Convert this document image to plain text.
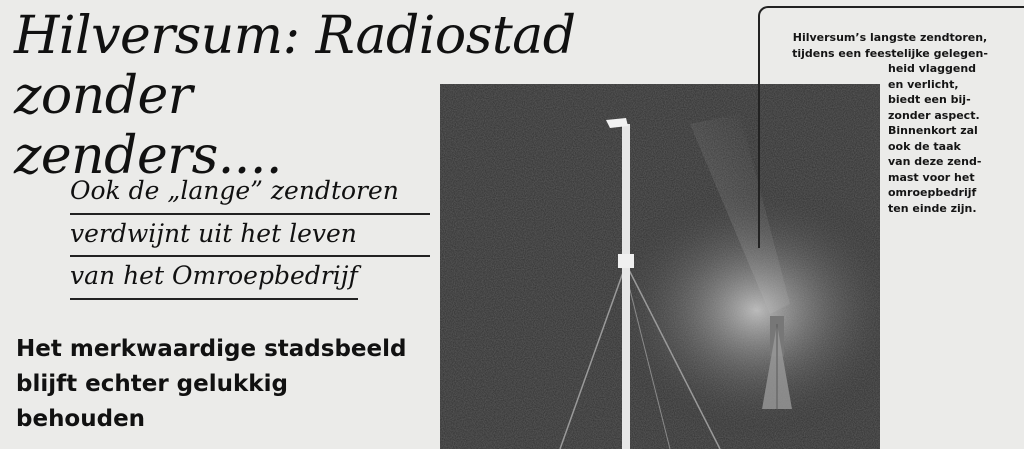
Hilversum: Radiostad zonder
zenders....
Ook de „lange” zendtoren
verdwijnt uit het leven
van het Omroepbedrijf
Het merkwaardige stadsbeeld
blijft echter gelukkig
behouden
Hilversum’s langste zendtoren,
tijdens een feestelijke gelegen-
heid vlaggend
en verlicht,
biedt een bij-
zonder aspect.
Binnenkort zal
ook de taak
van deze zend-
mast voor het
omroepbedrijf
ten einde zijn.
